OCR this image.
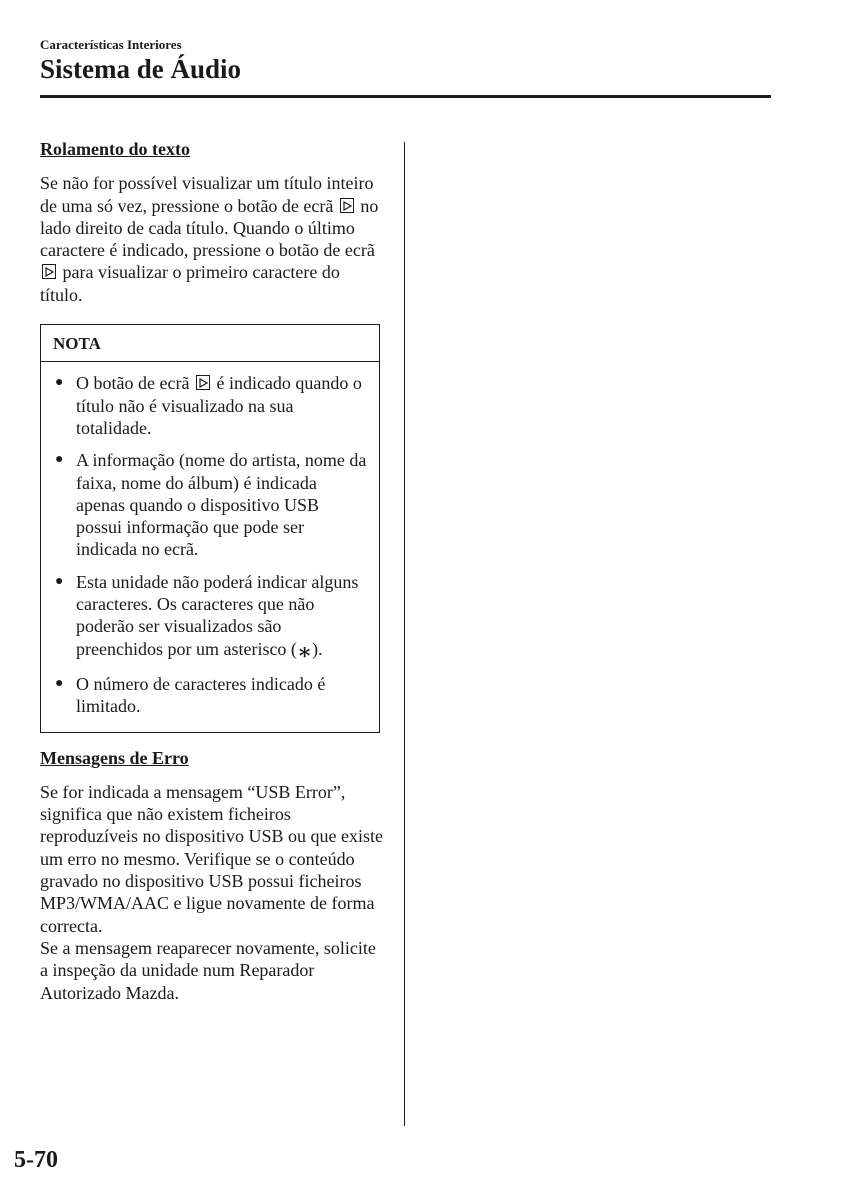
Características Interiores
Sistema de Áudio
Rolamento do texto

Se não for possível visualizar um título inteiro de uma só vez, pressione o botão de ecrã no lado direito de cada título. Quando o último caractere é indicado, pressione o botão de ecrã
para visualizar o primeiro caractere do título.

NOTA
● O botão de ecrã é indicado quando o título não é visualizado na sua totalidade.
● A informação (nome do artista, nome da faixa, nome do álbum) é indicada apenas quando o dispositivo USB possui informação que pode ser indicada no ecrã.
● Esta unidade não poderá indicar alguns caracteres. Os caracteres que não poderão ser visualizados são preenchidos por um asterisco (∗).
● O número de caracteres indicado é limitado.
Mensagens de Erro

Se for indicada a mensagem “USB Error”, significa que não existem ficheiros reproduzíveis no dispositivo USB ou que existe um erro no mesmo. Verifique se o conteúdo gravado no dispositivo USB possui ficheiros MP3/WMA/AAC e ligue novamente de forma correcta.

Se a mensagem reaparecer novamente, solicite a inspeção da unidade num Reparador Autorizado Mazda.

5-70
